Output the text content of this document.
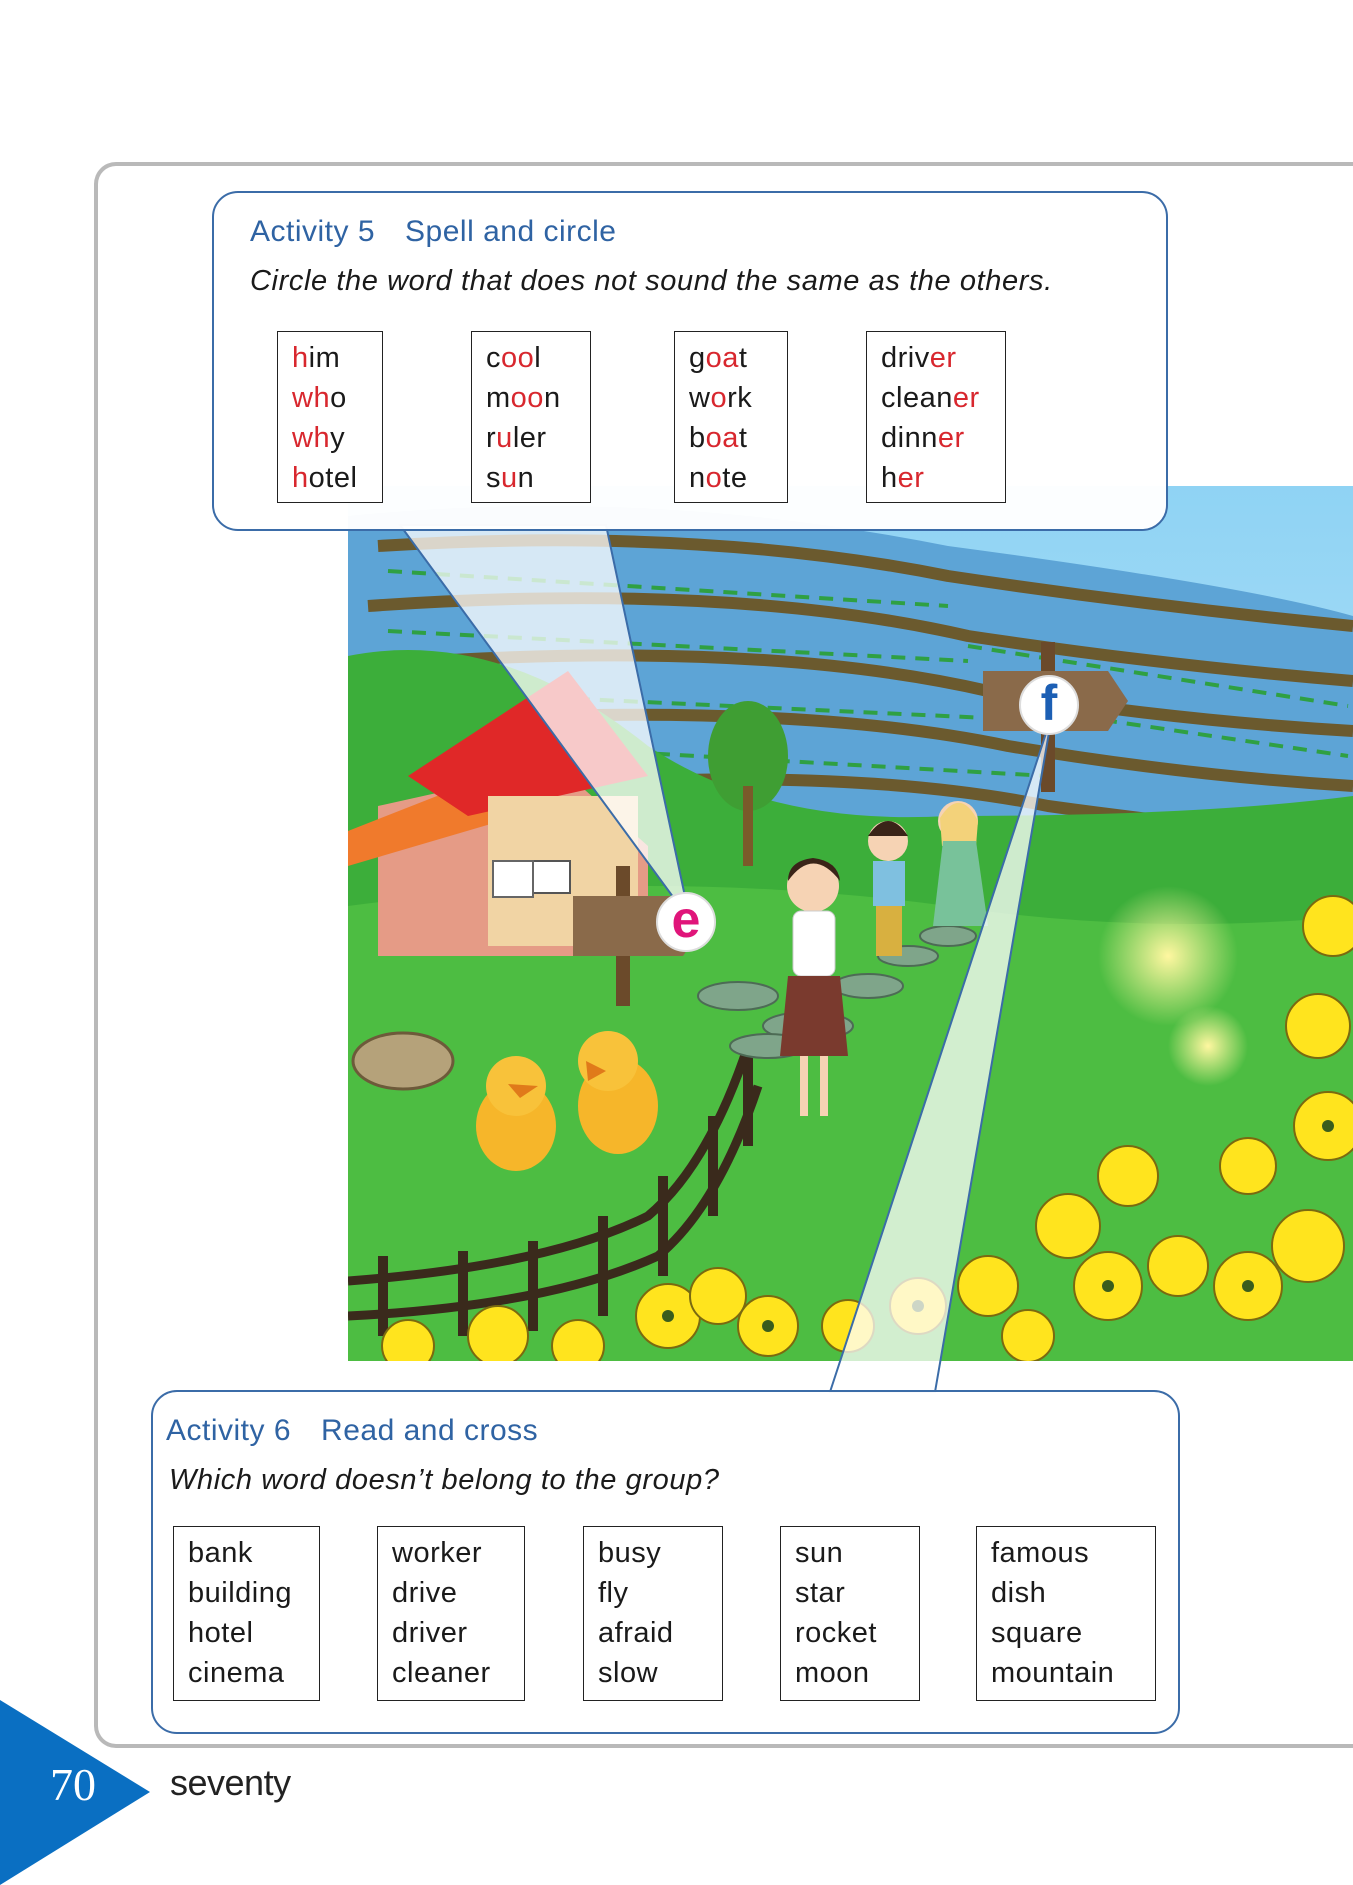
e
f
Activity 5 Spell and circle
Circle the word that does not sound the same as the others.
him
who
why
hotel
cool
moon
ruler
sun
goat
work
boat
note
driver
cleaner
dinner
her
Activity 6 Read and cross
Which word doesn’t belong to the group?
bank
building
hotel
cinema
worker
drive
driver
cleaner
busy
fly
afraid
slow
sun
star
rocket
moon
famous
dish
square
mountain
70 seventy
